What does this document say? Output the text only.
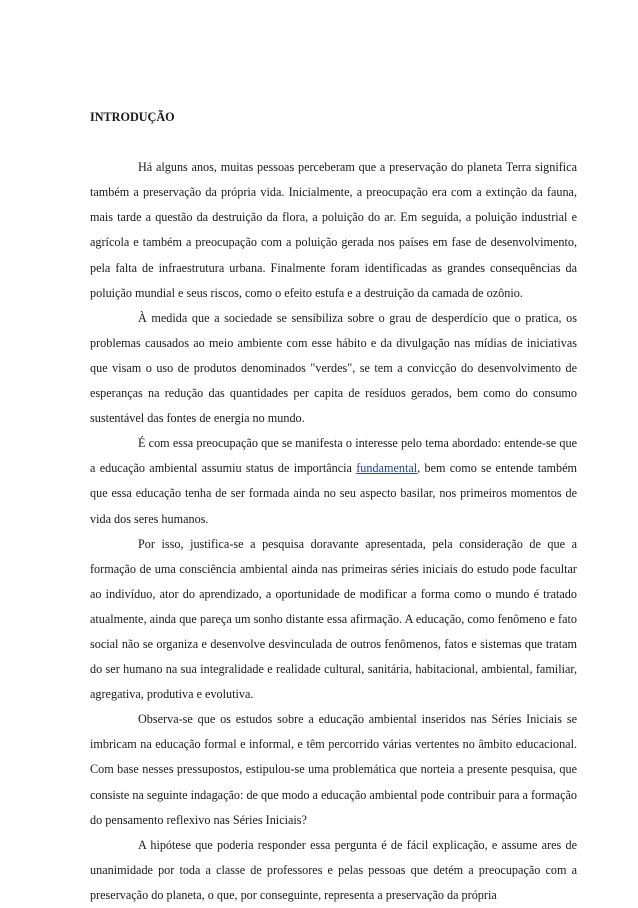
INTRODUÇÃO

Há alguns anos, muitas pessoas perceberam que a preservação do planeta Terra significa também a preservação da própria vida. Inicialmente, a preocupação era com a extinção da fauna, mais tarde a questão da destruição da flora, a poluição do ar. Em seguida, a poluição industrial e agrícola e também a preocupação com a poluição gerada nos países em fase de desenvolvimento, pela falta de infraestrutura urbana. Finalmente foram identificadas as grandes consequências da poluição mundial e seus riscos, como o efeito estufa e a destruição da camada de ozônio.

À medida que a sociedade se sensibiliza sobre o grau de desperdício que o pratica, os problemas causados ao meio ambiente com esse hábito e da divulgação nas mídias de iniciativas que visam o uso de produtos denominados "verdes", se tem a convicção do desenvolvimento de esperanças na redução das quantidades per capita de resíduos gerados, bem como do consumo sustentável das fontes de energia no mundo.

É com essa preocupação que se manifesta o interesse pelo tema abordado: entende-se que a educação ambiental assumiu status de importância fundamental, bem como se entende também que essa educação tenha de ser formada ainda no seu aspecto basilar, nos primeiros momentos de vida dos seres humanos.

Por isso, justifica-se a pesquisa doravante apresentada, pela consideração de que a formação de uma consciência ambiental ainda nas primeiras séries iniciais do estudo pode facultar ao indivíduo, ator do aprendizado, a oportunidade de modificar a forma como o mundo é tratado atualmente, ainda que pareça um sonho distante essa afirmação. A educação, como fenômeno e fato social não se organiza e desenvolve desvinculada de outros fenômenos, fatos e sistemas que tratam do ser humano na sua integralidade e realidade cultural, sanitária, habitacional, ambiental, familiar, agregativa, produtiva e evolutiva.

Observa-se que os estudos sobre a educação ambiental inseridos nas Séries Iniciais se imbricam na educação formal e informal, e têm percorrido várias vertentes no âmbito educacional. Com base nesses pressupostos, estipulou-se uma problemática que norteia a presente pesquisa, que consiste na seguinte indagação: de que modo a educação ambiental pode contribuir para a formação do pensamento reflexivo nas Séries Iniciais?

A hipótese que poderia responder essa pergunta é de fácil explicação, e assume ares de unanimidade por toda a classe de professores e pelas pessoas que detém a preocupação com a preservação do planeta, o que, por conseguinte, representa a preservação da própria
